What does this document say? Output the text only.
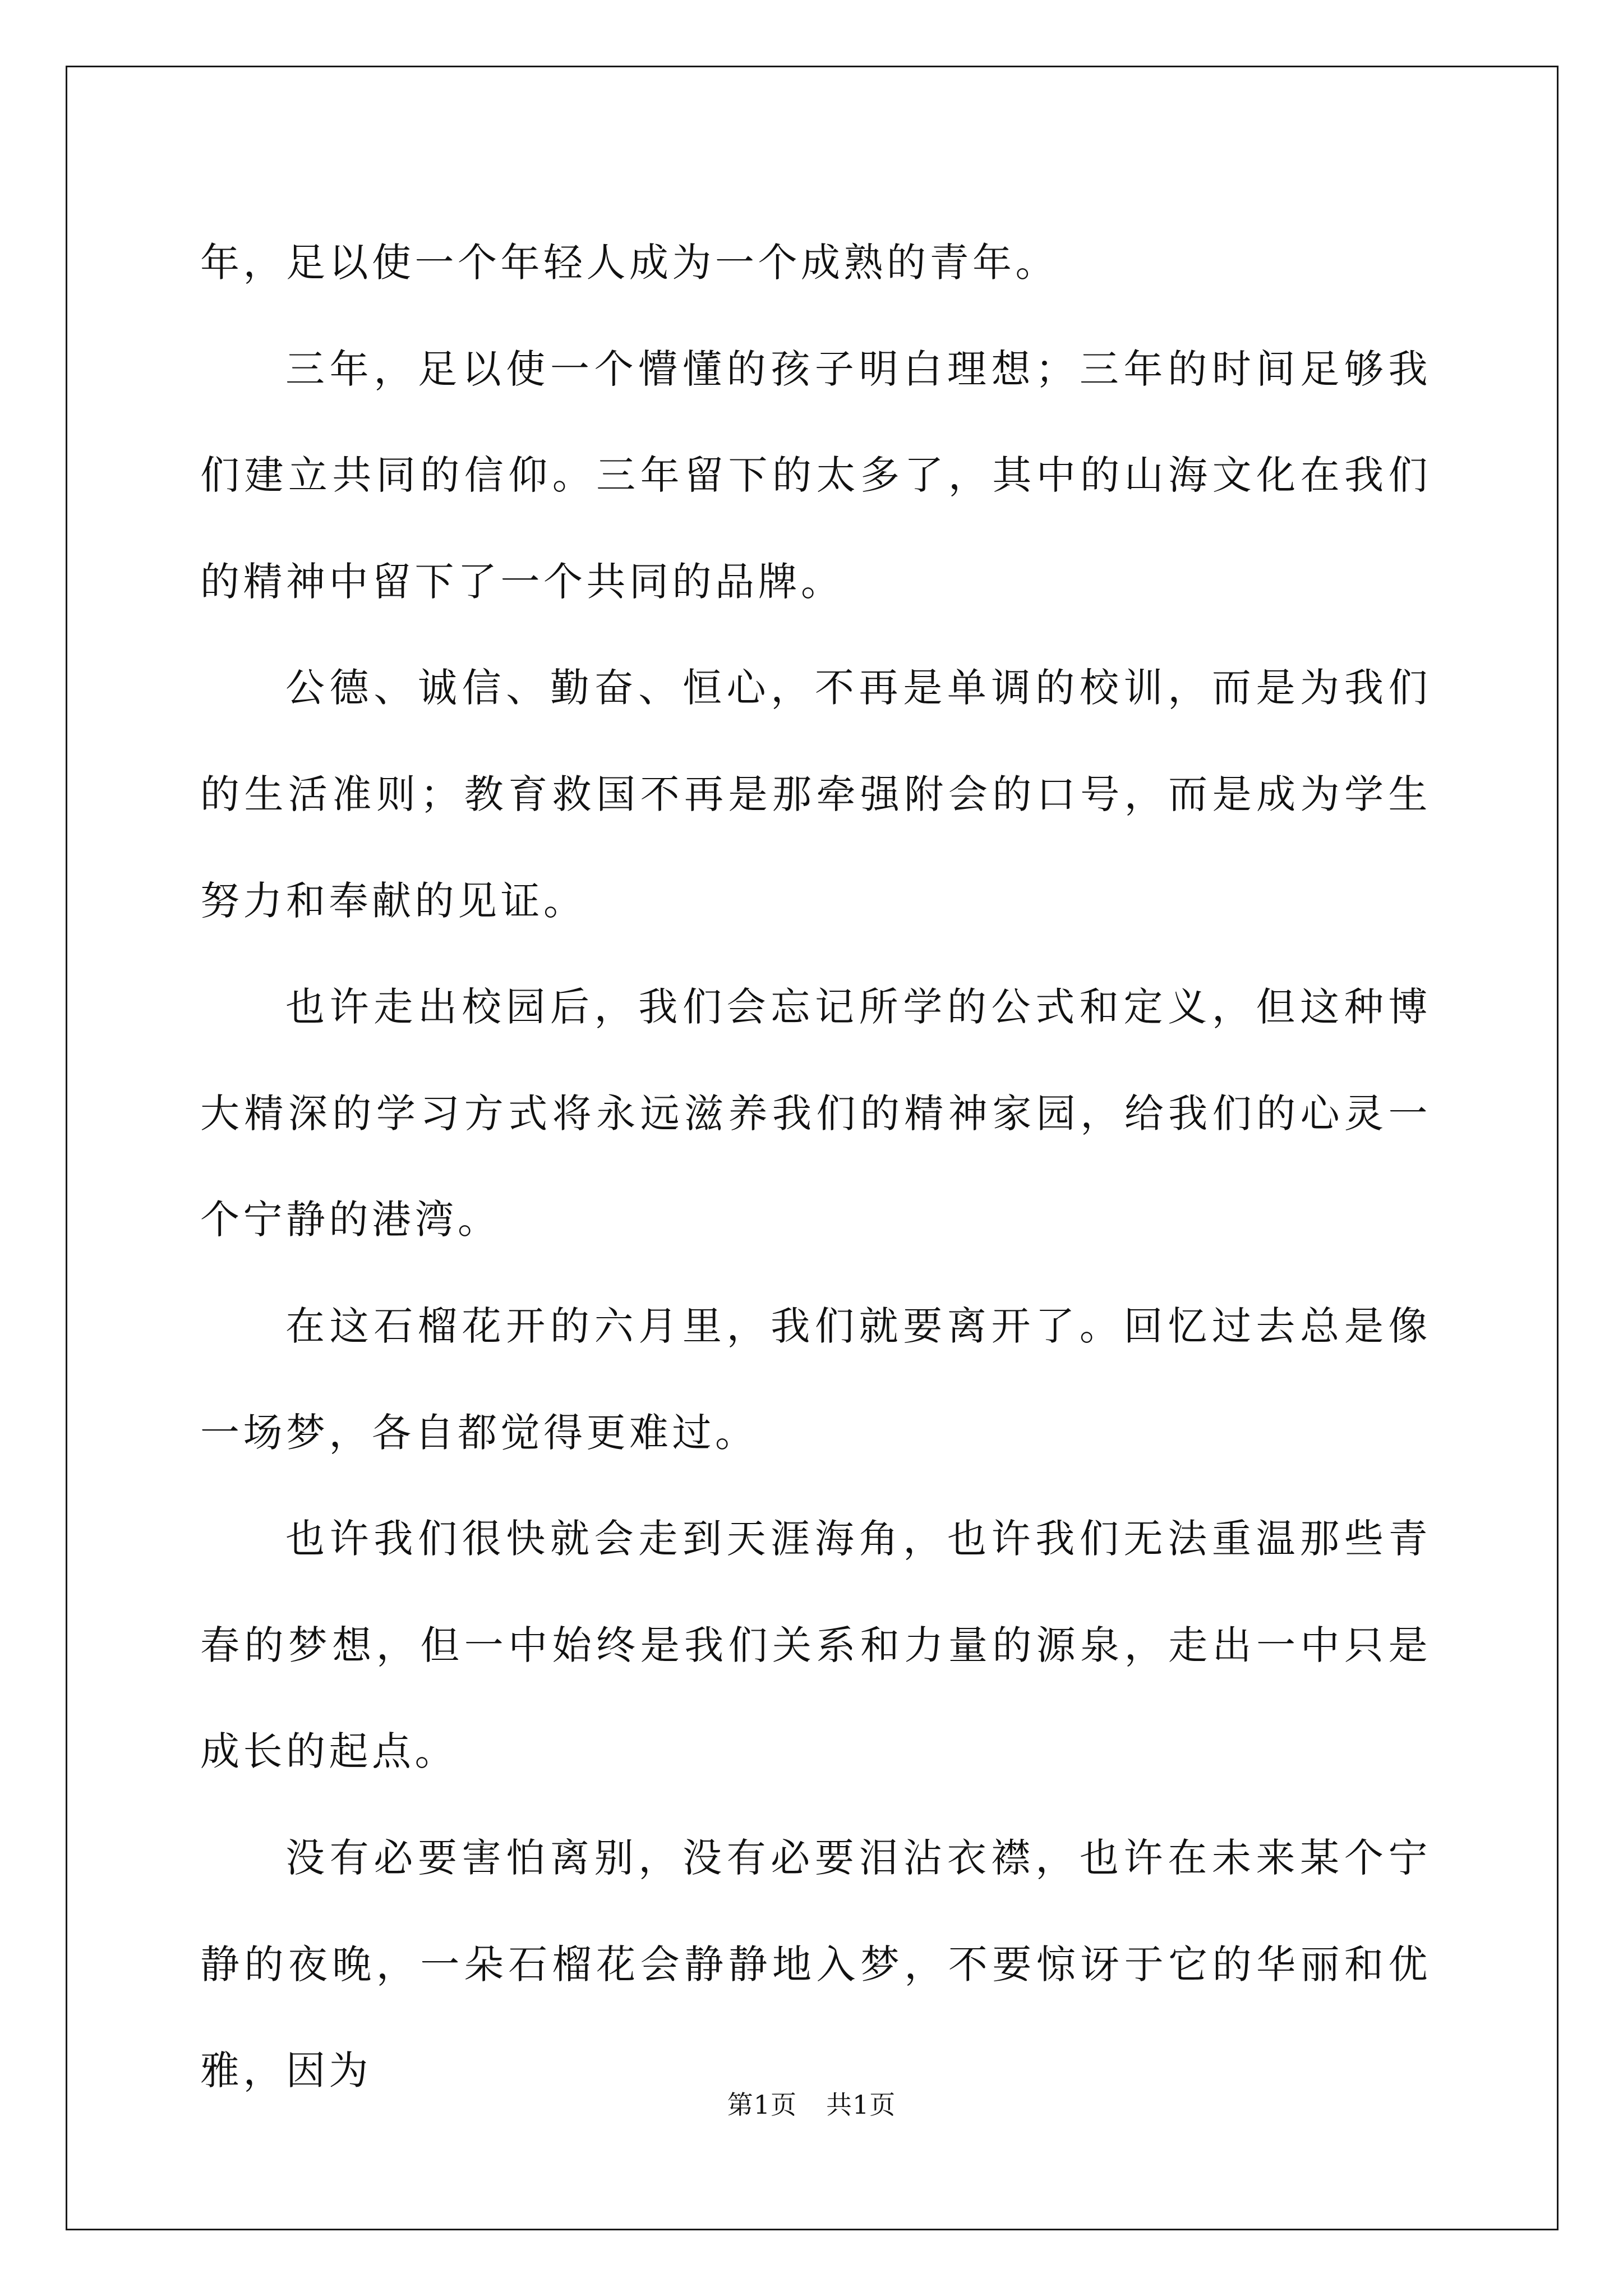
年，足以使一个年轻人成为一个成熟的青年。

三年，足以使一个懵懂的孩子明白理想；三年的时间足够我们建立共同的信仰。三年留下的太多了，其中的山海文化在我们的精神中留下了一个共同的品牌。

公德、诚信、勤奋、恒心，不再是单调的校训，而是为我们的生活准则；教育救国不再是那牵强附会的口号，而是成为学生努力和奉献的见证。

也许走出校园后，我们会忘记所学的公式和定义，但这种博大精深的学习方式将永远滋养我们的精神家园，给我们的心灵一个宁静的港湾。

在这石榴花开的六月里，我们就要离开了。回忆过去总是像一场梦，各自都觉得更难过。

也许我们很快就会走到天涯海角，也许我们无法重温那些青春的梦想，但一中始终是我们关系和力量的源泉，走出一中只是成长的起点。

没有必要害怕离别，没有必要泪沾衣襟，也许在未来某个宁静的夜晚，一朵石榴花会静静地入梦，不要惊讶于它的华丽和优雅，因为

第1页 共1页
